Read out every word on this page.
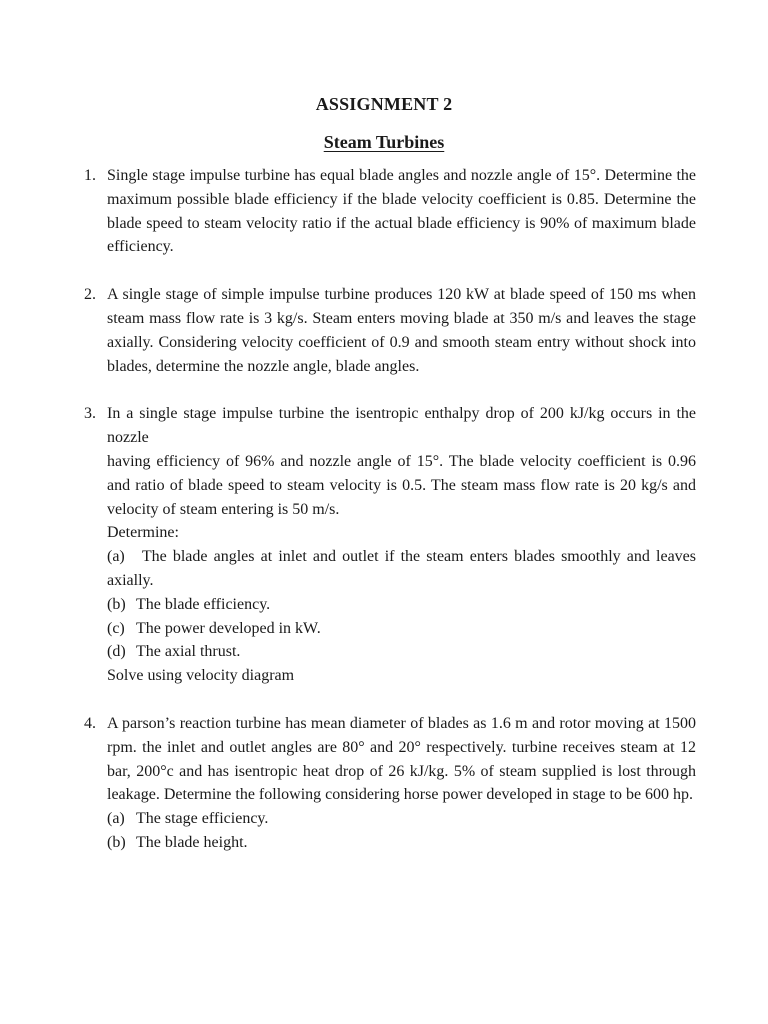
ASSIGNMENT 2
Steam Turbines
1. Single stage impulse turbine has equal blade angles and nozzle angle of 15°. Determine the maximum possible blade efficiency if the blade velocity coefficient is 0.85. Determine the blade speed to steam velocity ratio if the actual blade efficiency is 90% of maximum blade efficiency.

2. A single stage of simple impulse turbine produces 120 kW at blade speed of 150 ms when steam mass flow rate is 3 kg/s. Steam enters moving blade at 350 m/s and leaves the stage axially. Considering velocity coefficient of 0.9 and smooth steam entry without shock into blades, determine the nozzle angle, blade angles.

3. In a single stage impulse turbine the isentropic enthalpy drop of 200 kJ/kg occurs in the nozzle

having efficiency of 96% and nozzle angle of 15°. The blade velocity coefficient is 0.96 and ratio of blade speed to steam velocity is 0.5. The steam mass flow rate is 20 kg/s and velocity of steam entering is 50 m/s.

Determine:

(a) The blade angles at inlet and outlet if the steam enters blades smoothly and leaves axially.

(b) The blade efficiency.

(c) The power developed in kW.

(d) The axial thrust.

Solve using velocity diagram

4. A parson’s reaction turbine has mean diameter of blades as 1.6 m and rotor moving at 1500 rpm. the inlet and outlet angles are 80° and 20° respectively. turbine receives steam at 12 bar, 200°c and has isentropic heat drop of 26 kJ/kg. 5% of steam supplied is lost through leakage. Determine the following considering horse power developed in stage to be 600 hp.

(a) The stage efficiency.

(b) The blade height.
